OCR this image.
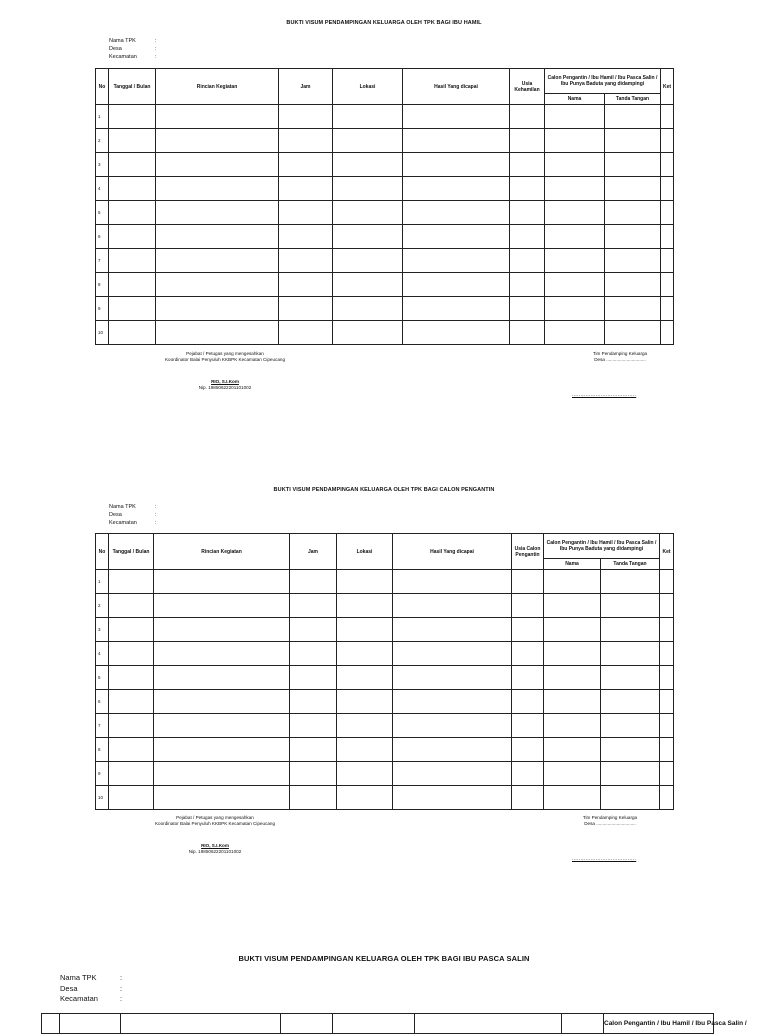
BUKTI VISUM PENDAMPINGAN KELUARGA OLEH TPK BAGI IBU HAMIL
Nama TPK	:
Desa	:
Kecamatan	:
No	Tanggal / Bulan	Rincian Kegiatan	Jam	Lokasi	Hasil Yang dicapai	Usia Kehamilan	Calon Pengantin / Ibu Hamil / Ibu Pasca Salin / Ibu Punya Baduta yang didampingi		Ket
							Nama	Tanda Tangan	
1									
2									
3									
4									
5									
6									
7									
8									
9									
10									
Pejabat / Petugas yang mengesahkan
Koordinator Balai Penyuluh KKBPK Kecamatan Cipeucang
RIO, S.I.Kom
Nip. 19850622201101002
Tim Pendamping Keluarga
Desa ...............................
......................................
BUKTI VISUM PENDAMPINGAN KELUARGA OLEH TPK BAGI CALON PENGANTIN
Nama TPK	:
Desa	:
Kecamatan	:
No	Tanggal / Bulan	Rincian Kegiatan	Jam	Lokasi	Hasil Yang dicapai	Usia Calon Pengantin	Calon Pengantin / Ibu Hamil / Ibu Pasca Salin / Ibu Punya Baduta yang didampingi		Ket
							Nama	Tanda Tangan	
1									
2									
3									
4									
5									
6									
7									
8									
9									
10									
Pejabat / Petugas yang mengesahkan
Koordinator Balai Penyuluh KKBPK Kecamatan Cipeucang
RIO, S.I.Kom
Nip. 19850622201101002
Tim Pendamping Keluarga
Desa ...............................
......................................
BUKTI VISUM PENDAMPINGAN KELUARGA OLEH TPK BAGI IBU PASCA SALIN
Nama TPK	:
Desa	:
Kecamatan	:
							Calon Pengantin / Ibu Hamil / Ibu Pasca Salin /
